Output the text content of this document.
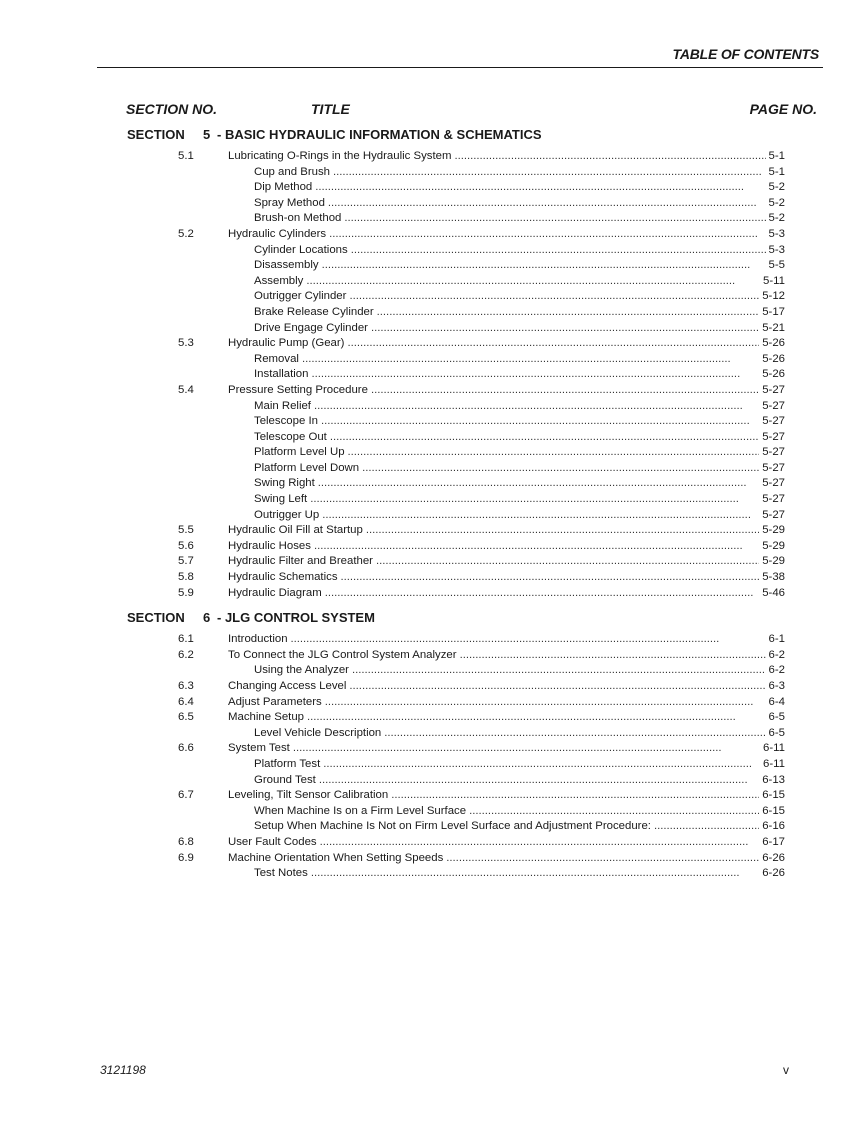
TABLE OF CONTENTS
SECTION NO.	TITLE	PAGE NO.
SECTION 5 - BASIC HYDRAULIC INFORMATION & SCHEMATICS
5.1	Lubricating O-Rings in the Hydraulic System . . .	5-1
Cup and Brush . . .	5-1
Dip Method . . .	5-2
Spray Method . . .	5-2
Brush-on Method . . .	5-2
5.2	Hydraulic Cylinders . . .	5-3
Cylinder Locations . . .	5-3
Disassembly . . .	5-5
Assembly . . .	5-11
Outrigger Cylinder . . .	5-12
Brake Release Cylinder . . .	5-17
Drive Engage Cylinder . . .	5-21
5.3	Hydraulic Pump (Gear) . . .	5-26
Removal . . .	5-26
Installation . . .	5-26
5.4	Pressure Setting Procedure . . .	5-27
Main Relief . . .	5-27
Telescope In . . .	5-27
Telescope Out . . .	5-27
Platform Level Up . . .	5-27
Platform Level Down . . .	5-27
Swing Right . . .	5-27
Swing Left . . .	5-27
Outrigger Up . . .	5-27
5.5	Hydraulic Oil Fill at Startup . . .	5-29
5.6	Hydraulic Hoses . . .	5-29
5.7	Hydraulic Filter and Breather . . .	5-29
5.8	Hydraulic Schematics . . .	5-38
5.9	Hydraulic Diagram . . .	5-46
SECTION 6 - JLG CONTROL SYSTEM
6.1	Introduction . . .	6-1
6.2	To Connect the JLG Control System Analyzer . . .	6-2
Using the Analyzer . . .	6-2
6.3	Changing Access Level . . .	6-3
6.4	Adjust Parameters . . .	6-4
6.5	Machine Setup . . .	6-5
Level Vehicle Description . . .	6-5
6.6	System Test . . .	6-11
Platform Test . . .	6-11
Ground Test . . .	6-13
6.7	Leveling, Tilt Sensor Calibration . . .	6-15
When Machine Is on a Firm Level Surface . . .	6-15
Setup When Machine Is Not on Firm Level Surface and Adjustment Procedure: . . .	6-16
6.8	User Fault Codes . . .	6-17
6.9	Machine Orientation When Setting Speeds . . .	6-26
Test Notes . . .	6-26
3121198	v
